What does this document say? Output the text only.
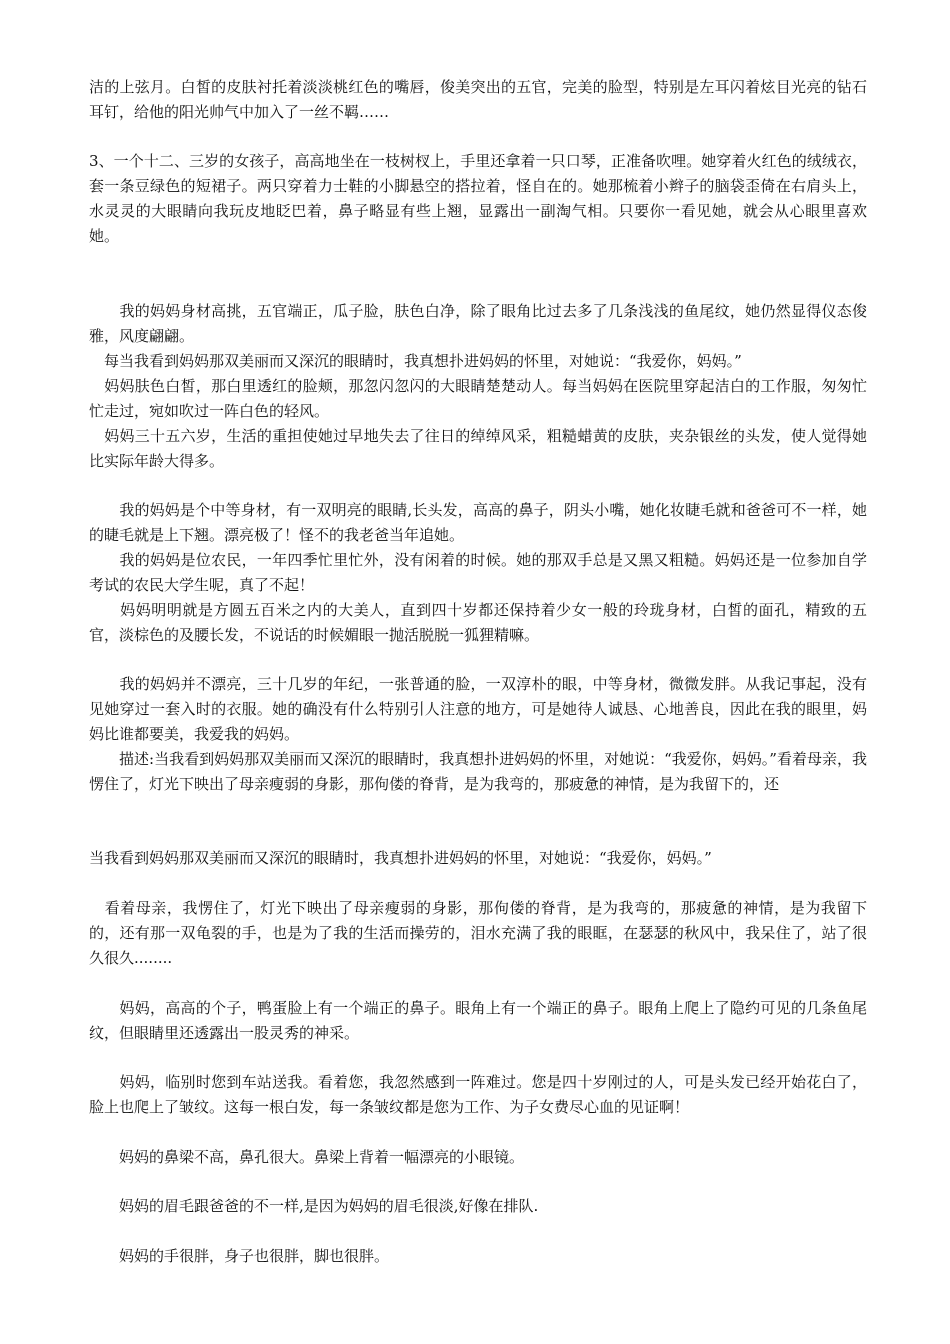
洁的上弦月。白皙的皮肤衬托着淡淡桃红色的嘴唇，俊美突出的五官，完美的脸型，特别是左耳闪着炫目光亮的钻石耳钉，给他的阳光帅气中加入了一丝不羁……

3、一个十二、三岁的女孩子，高高地坐在一枝树杈上，手里还拿着一只口琴，正准备吹哩。她穿着火红色的绒绒衣，套一条豆绿色的短裙子。两只穿着力士鞋的小脚悬空的搭拉着，怪自在的。她那梳着小辫子的脑袋歪倚在右肩头上，水灵灵的大眼睛向我玩皮地眨巴着，鼻子略显有些上翘，显露出一副淘气相。只要你一看见她，就会从心眼里喜欢她。

　　我的妈妈身材高挑，五官端正，瓜子脸，肤色白净，除了眼角比过去多了几条浅浅的鱼尾纹，她仍然显得仪态俊雅，风度翩翩。

　每当我看到妈妈那双美丽而又深沉的眼睛时，我真想扑进妈妈的怀里，对她说：“我爱你，妈妈。”

　妈妈肤色白皙，那白里透红的脸颊，那忽闪忽闪的大眼睛楚楚动人。每当妈妈在医院里穿起洁白的工作服，匆匆忙忙走过，宛如吹过一阵白色的轻风。

　妈妈三十五六岁，生活的重担使她过早地失去了往日的绰绰风采，粗糙蜡黄的皮肤，夹杂银丝的头发，使人觉得她比实际年龄大得多。

　　我的妈妈是个中等身材，有一双明亮的眼睛,长头发，高高的鼻子，阴头小嘴，她化妆睫毛就和爸爸可不一样，她的睫毛就是上下翘。漂亮极了！怪不的我老爸当年追她。

　　我的妈妈是位农民，一年四季忙里忙外，没有闲着的时候。她的那双手总是又黑又粗糙。妈妈还是一位参加自学考试的农民大学生呢，真了不起！

　　妈妈明明就是方圆五百米之内的大美人，直到四十岁都还保持着少女一般的玲珑身材，白皙的面孔，精致的五官，淡棕色的及腰长发，不说话的时候媚眼一抛活脱脱一狐狸精嘛。

　　我的妈妈并不漂亮，三十几岁的年纪，一张普通的脸，一双淳朴的眼，中等身材，微微发胖。从我记事起，没有见她穿过一套入时的衣服。她的确没有什么特别引人注意的地方，可是她待人诚恳、心地善良，因此在我的眼里，妈妈比谁都要美，我爱我的妈妈。

　　描述:当我看到妈妈那双美丽而又深沉的眼睛时，我真想扑进妈妈的怀里，对她说：“我爱你，妈妈。”看着母亲，我愣住了，灯光下映出了母亲瘦弱的身影，那佝偻的脊背，是为我弯的，那疲惫的神情，是为我留下的，还

当我看到妈妈那双美丽而又深沉的眼睛时，我真想扑进妈妈的怀里，对她说：“我爱你，妈妈。”

　看着母亲，我愣住了，灯光下映出了母亲瘦弱的身影，那佝偻的脊背，是为我弯的，那疲惫的神情，是为我留下的，还有那一双龟裂的手，也是为了我的生活而操劳的，泪水充满了我的眼眶，在瑟瑟的秋风中，我呆住了，站了很久很久........

　　妈妈，高高的个子，鸭蛋脸上有一个端正的鼻子。眼角上有一个端正的鼻子。眼角上爬上了隐约可见的几条鱼尾纹，但眼睛里还透露出一股灵秀的神采。

　　妈妈，临别时您到车站送我。看着您，我忽然感到一阵难过。您是四十岁刚过的人，可是头发已经开始花白了，脸上也爬上了皱纹。这每一根白发，每一条皱纹都是您为工作、为子女费尽心血的见证啊！

　　妈妈的鼻梁不高，鼻孔很大。鼻梁上背着一幅漂亮的小眼镜。

　　妈妈的眉毛跟爸爸的不一样,是因为妈妈的眉毛很淡,好像在排队.

　　妈妈的手很胖，身子也很胖，脚也很胖。
